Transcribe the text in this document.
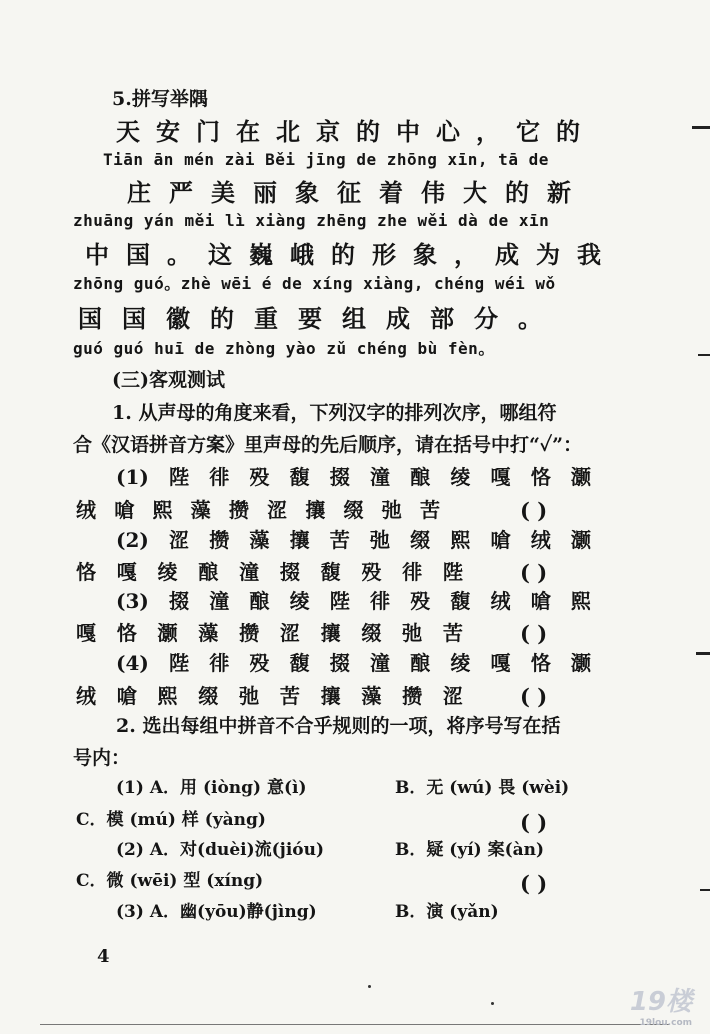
5.拼写举隅
天安门在北京的中心，它的
Tiān ān mén zài Běi jīng de zhōng xīn, tā de
庄严美丽象征着伟大的新
zhuāng yán měi lì xiàng zhēng zhe wěi dà de xīn
中国。这巍峨的形象，成为我
zhōng guó。zhè wēi é de xíng xiàng, chéng wéi wǒ
国国徽的重要组成部分。
guó guó huī de zhòng yào zǔ chéng bù fèn。
(三)客观测试
1. 从声母的角度来看，下列汉字的排列次序，哪组符
合《汉语拼音方案》里声母的先后顺序，请在括号中打“✓”：
(1) 陛 徘 殁 馥 掇 潼 酿 绫 嘎 恪 灏
绒 嗆 熙 藻 攒 涩 攘 缀 弛 苦	( )
(2) 涩 攒 藻 攘 苦 弛 缀 熙 嗆 绒 灏
恪 嘎 绫 酿 潼 掇 馥 殁 徘 陛	( )
(3) 掇 潼 酿 绫 陛 徘 殁 馥 绒 嗆 熙
嘎 恪 灏 藻 攒 涩 攘 缀 弛 苦	( )
(4) 陛 徘 殁 馥 掇 潼 酿 绫 嘎 恪 灏
绒 嗆 熙 缀 弛 苦 攘 藻 攒 涩	( )
2. 选出每组中拼音不合乎规则的一项，将序号写在括
号内：
(1) A．用 (iòng) 意(ì)	B．无 (wú) 畏 (wèi)
C．模 (mú) 样 (yàng)	( )
(2) A．对(duèi)流(jióu)	B．疑 (yí) 案(àn)
C．微 (wēi) 型 (xíng)	( )
(3) A．幽(yōu)静(jìng)	B．演 (yǎn)
4
19楼
19lou.com
